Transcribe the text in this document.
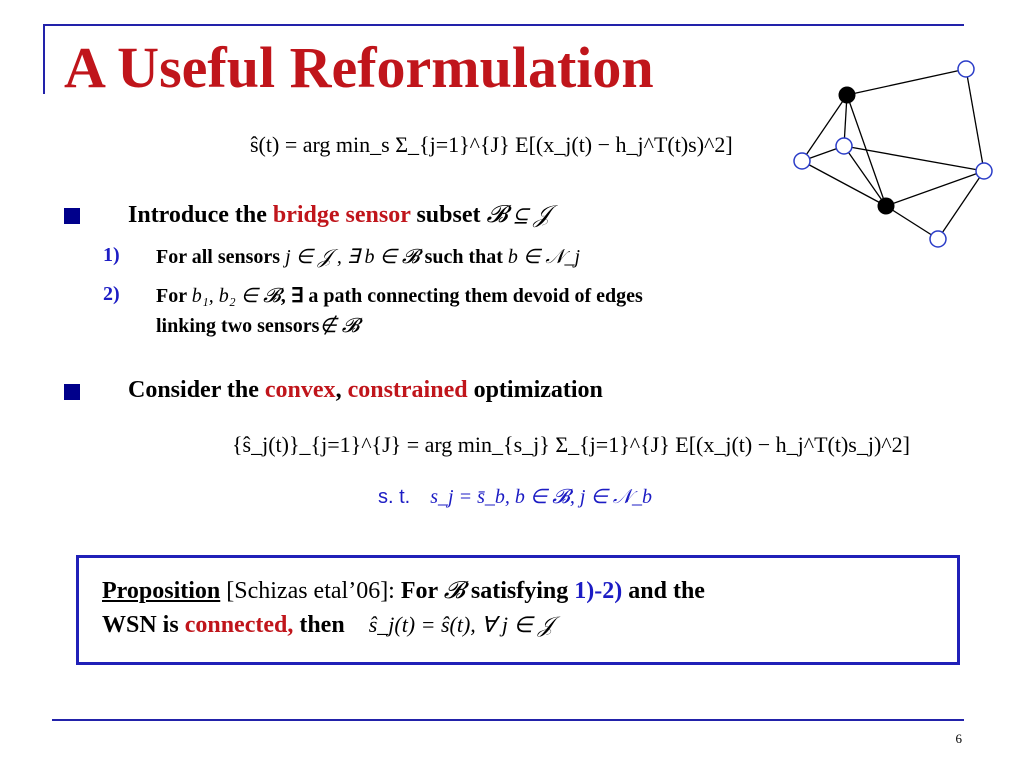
A Useful Reformulation
ŝ(t) = arg min_s Σ_{j=1}^{J} E[(x_j(t) − h_j^T(t)s)^2]
Introduce the bridge sensor subset 𝓑 ⊆ 𝒥
1) For all sensors j ∈ 𝒥 , ∃ b ∈ 𝓑 such that b ∈ 𝒩_j
2) For b₁, b₂ ∈ 𝓑, ∃ a path connecting them devoid of edges
linking two sensors∉ 𝓑
Consider the convex, constrained optimization
{ŝ_j(t)}_{j=1}^{J} = arg min_{s_j} Σ_{j=1}^{J} E[(x_j(t) − h_j^T(t)s_j)^2]
s. t. s_j = s̄_b, b ∈ 𝓑, j ∈ 𝒩_b
Proposition [Schizas etal’06]: For 𝓑 satisfying 1)-2) and the
WSN is connected, then ŝ_j(t) = ŝ(t), ∀ j ∈ 𝒥
6
